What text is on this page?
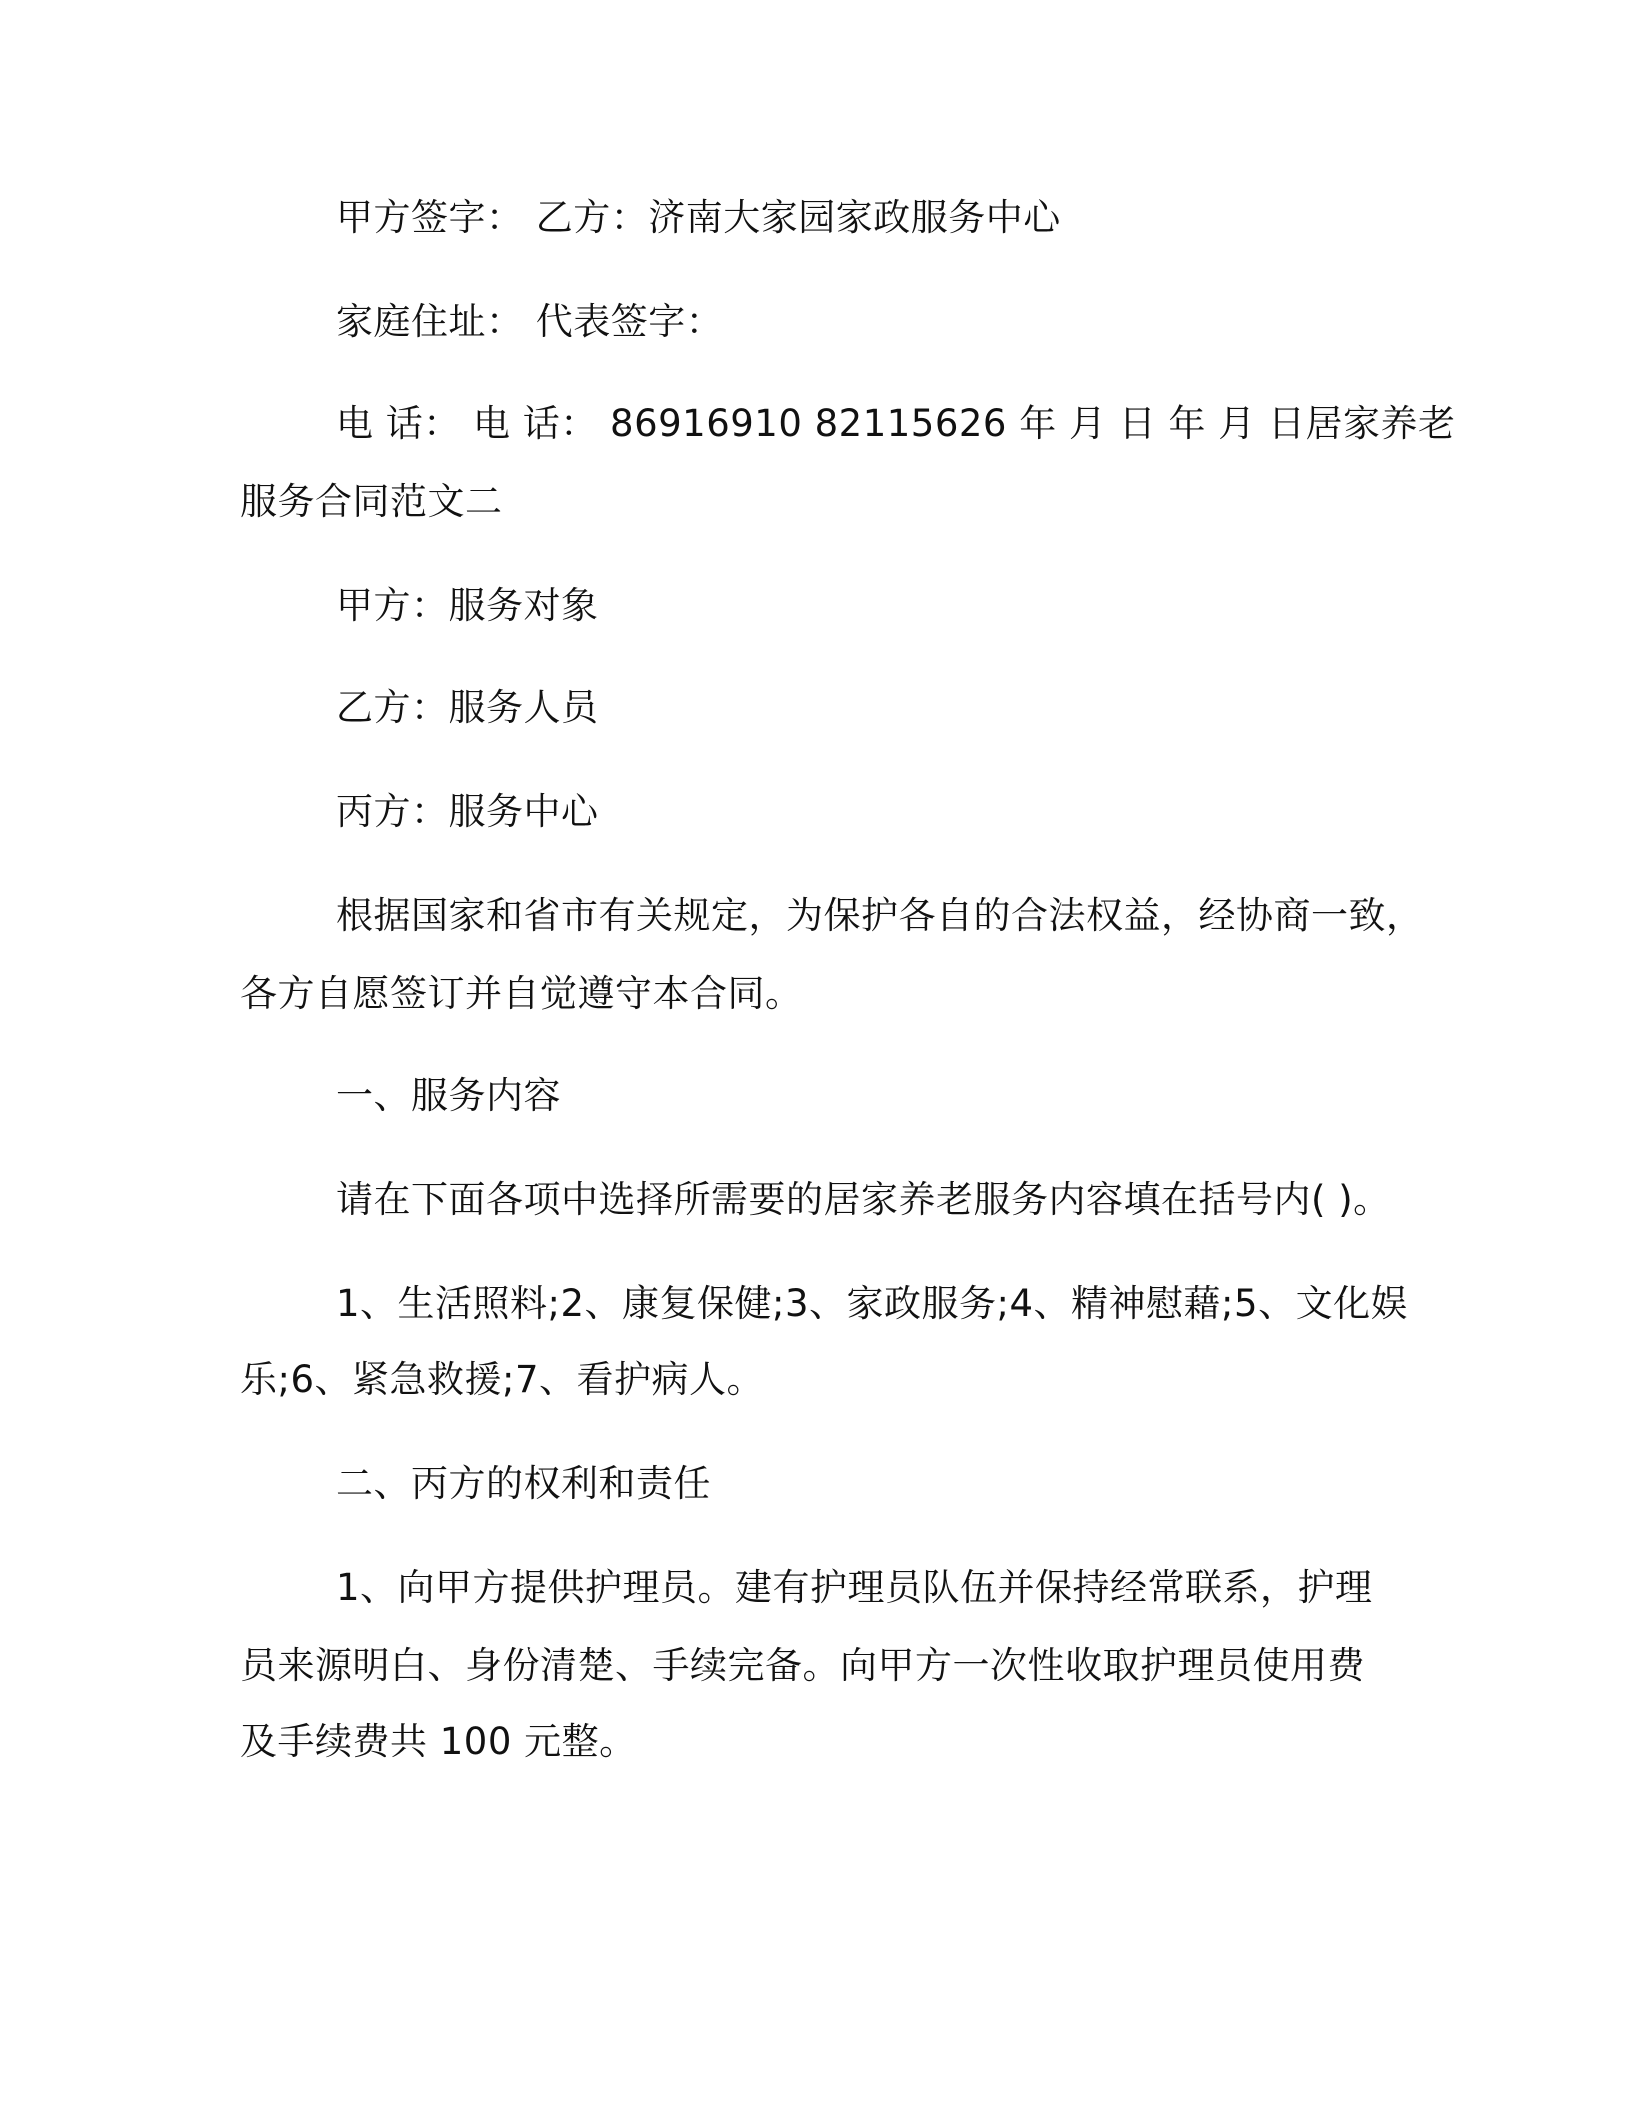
甲方签字： 乙方：济南大家园家政服务中心
家庭住址： 代表签字：
电 话： 电 话： 86916910 82115626 年 月 日 年 月 日居家养老
服务合同范文二
甲方：服务对象
乙方：服务人员
丙方：服务中心
根据国家和省市有关规定，为保护各自的合法权益，经协商一致，
各方自愿签订并自觉遵守本合同。
一、服务内容
请在下面各项中选择所需要的居家养老服务内容填在括号内( )。
1、生活照料;2、康复保健;3、家政服务;4、精神慰藉;5、文化娱
乐;6、紧急救援;7、看护病人。
二、丙方的权利和责任
1、向甲方提供护理员。建有护理员队伍并保持经常联系，护理
员来源明白、身份清楚、手续完备。向甲方一次性收取护理员使用费
及手续费共 100 元整。
